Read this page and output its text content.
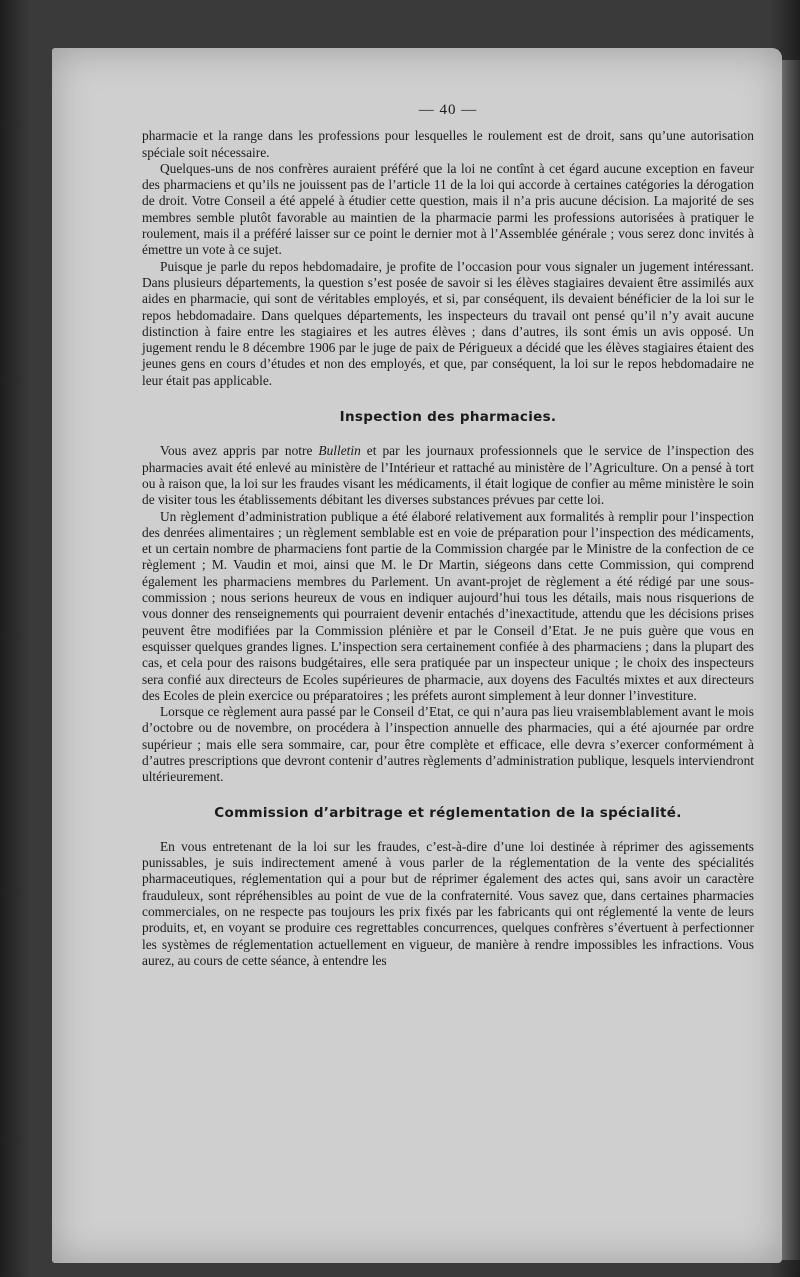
— 40 —

pharmacie et la range dans les professions pour lesquelles le roulement est de droit, sans qu’une autorisation spéciale soit nécessaire.

Quelques-uns de nos confrères auraient préféré que la loi ne contînt à cet égard aucune exception en faveur des pharmaciens et qu’ils ne jouissent pas de l’article 11 de la loi qui accorde à certaines catégories la dérogation de droit. Votre Conseil a été appelé à étudier cette question, mais il n’a pris aucune décision. La majorité de ses membres semble plutôt favorable au maintien de la pharmacie parmi les professions autorisées à pratiquer le roulement, mais il a préféré laisser sur ce point le dernier mot à l’Assemblée générale ; vous serez donc invités à émettre un vote à ce sujet.

Puisque je parle du repos hebdomadaire, je profite de l’occasion pour vous signaler un jugement intéressant. Dans plusieurs départements, la question s’est posée de savoir si les élèves stagiaires devaient être assimilés aux aides en pharmacie, qui sont de véritables employés, et si, par conséquent, ils devaient bénéficier de la loi sur le repos hebdomadaire. Dans quelques départements, les inspecteurs du travail ont pensé qu’il n’y avait aucune distinction à faire entre les stagiaires et les autres élèves ; dans d’autres, ils sont émis un avis opposé. Un jugement rendu le 8 décembre 1906 par le juge de paix de Périgueux a décidé que les élèves stagiaires étaient des jeunes gens en cours d’études et non des employés, et que, par conséquent, la loi sur le repos hebdomadaire ne leur était pas applicable.

Inspection des pharmacies.

Vous avez appris par notre Bulletin et par les journaux professionnels que le service de l’inspection des pharmacies avait été enlevé au ministère de l’Intérieur et rattaché au ministère de l’Agriculture. On a pensé à tort ou à raison que, la loi sur les fraudes visant les médicaments, il était logique de confier au même ministère le soin de visiter tous les établissements débitant les diverses substances prévues par cette loi.

Un règlement d’administration publique a été élaboré relativement aux formalités à remplir pour l’inspection des denrées alimentaires ; un règlement semblable est en voie de préparation pour l’inspection des médicaments, et un certain nombre de pharmaciens font partie de la Commission chargée par le Ministre de la confection de ce règlement ; M. Vaudin et moi, ainsi que M. le Dr Martin, siégeons dans cette Commission, qui comprend également les pharmaciens membres du Parlement. Un avant-projet de règlement a été rédigé par une sous-commission ; nous serions heureux de vous en indiquer aujourd’hui tous les détails, mais nous risquerions de vous donner des renseignements qui pourraient devenir entachés d’inexactitude, attendu que les décisions prises peuvent être modifiées par la Commission plénière et par le Conseil d’Etat. Je ne puis guère que vous en esquisser quelques grandes lignes. L’inspection sera certainement confiée à des pharmaciens ; dans la plupart des cas, et cela pour des raisons budgétaires, elle sera pratiquée par un inspecteur unique ; le choix des inspecteurs sera confié aux directeurs de Ecoles supérieures de pharmacie, aux doyens des Facultés mixtes et aux directeurs des Ecoles de plein exercice ou préparatoires ; les préfets auront simplement à leur donner l’investiture.

Lorsque ce règlement aura passé par le Conseil d’Etat, ce qui n’aura pas lieu vraisemblablement avant le mois d’octobre ou de novembre, on procédera à l’inspection annuelle des pharmacies, qui a été ajournée par ordre supérieur ; mais elle sera sommaire, car, pour être complète et efficace, elle devra s’exercer conformément à d’autres prescriptions que devront contenir d’autres règlements d’administration publique, lesquels interviendront ultérieurement.

Commission d’arbitrage et réglementation de la spécialité.

En vous entretenant de la loi sur les fraudes, c’est-à-dire d’une loi destinée à réprimer des agissements punissables, je suis indirectement amené à vous parler de la réglementation de la vente des spécialités pharmaceutiques, réglementation qui a pour but de réprimer également des actes qui, sans avoir un caractère frauduleux, sont répréhensibles au point de vue de la confraternité. Vous savez que, dans certaines pharmacies commerciales, on ne respecte pas toujours les prix fixés par les fabricants qui ont réglementé la vente de leurs produits, et, en voyant se produire ces regrettables concurrences, quelques confrères s’évertuent à perfectionner les systèmes de réglementation actuellement en vigueur, de manière à rendre impossibles les infractions. Vous aurez, au cours de cette séance, à entendre les
